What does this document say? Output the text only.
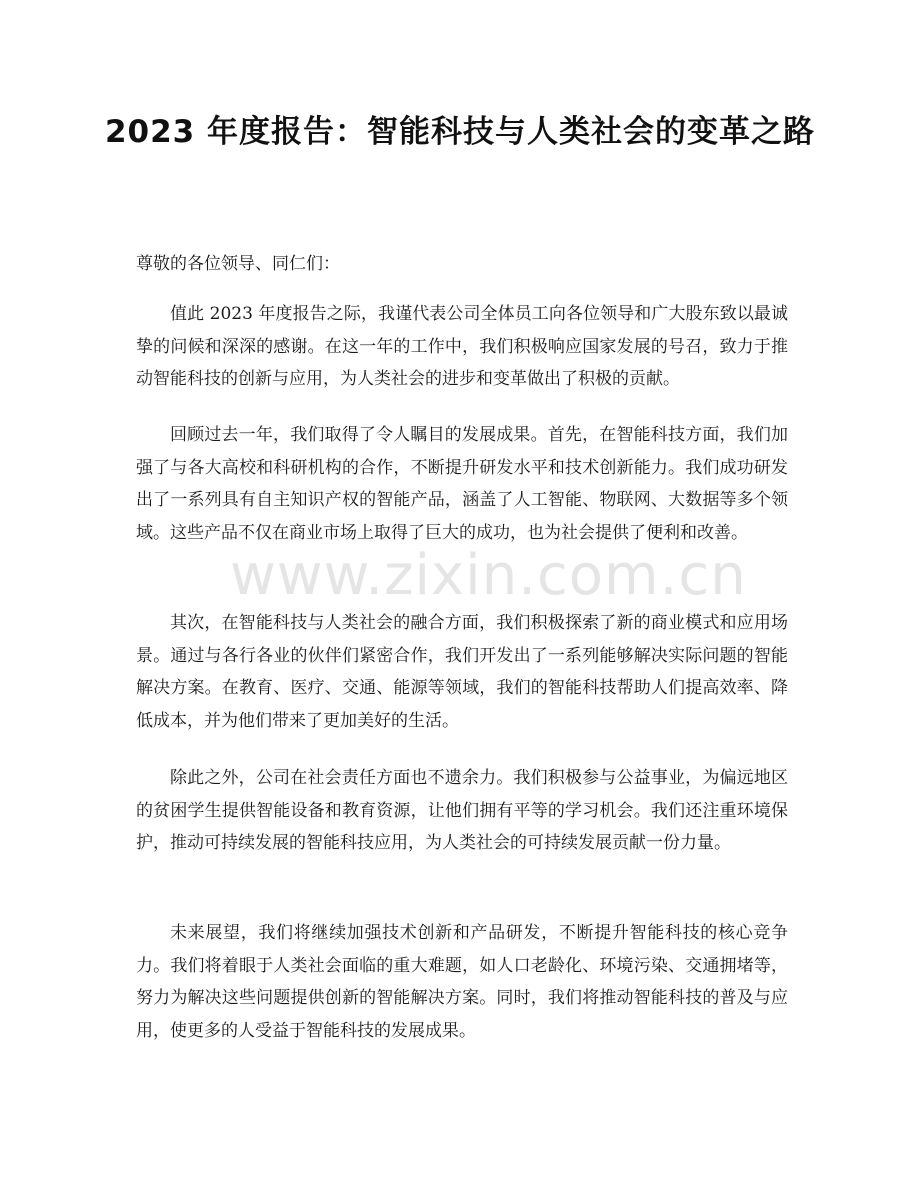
2023 年度报告：智能科技与人类社会的变革之路

尊敬的各位领导、同仁们：

值此 2023 年度报告之际，我谨代表公司全体员工向各位领导和广大股东致以最诚挚的问候和深深的感谢。在这一年的工作中，我们积极响应国家发展的号召，致力于推动智能科技的创新与应用，为人类社会的进步和变革做出了积极的贡献。

回顾过去一年，我们取得了令人瞩目的发展成果。首先，在智能科技方面，我们加强了与各大高校和科研机构的合作，不断提升研发水平和技术创新能力。我们成功研发出了一系列具有自主知识产权的智能产品，涵盖了人工智能、物联网、大数据等多个领域。这些产品不仅在商业市场上取得了巨大的成功，也为社会提供了便利和改善。

其次，在智能科技与人类社会的融合方面，我们积极探索了新的商业模式和应用场景。通过与各行各业的伙伴们紧密合作，我们开发出了一系列能够解决实际问题的智能解决方案。在教育、医疗、交通、能源等领域，我们的智能科技帮助人们提高效率、降低成本，并为他们带来了更加美好的生活。

除此之外，公司在社会责任方面也不遗余力。我们积极参与公益事业，为偏远地区的贫困学生提供智能设备和教育资源，让他们拥有平等的学习机会。我们还注重环境保护，推动可持续发展的智能科技应用，为人类社会的可持续发展贡献一份力量。

未来展望，我们将继续加强技术创新和产品研发，不断提升智能科技的核心竞争力。我们将着眼于人类社会面临的重大难题，如人口老龄化、环境污染、交通拥堵等，努力为解决这些问题提供创新的智能解决方案。同时，我们将推动智能科技的普及与应用，使更多的人受益于智能科技的发展成果。

www.zixin.com.cn
